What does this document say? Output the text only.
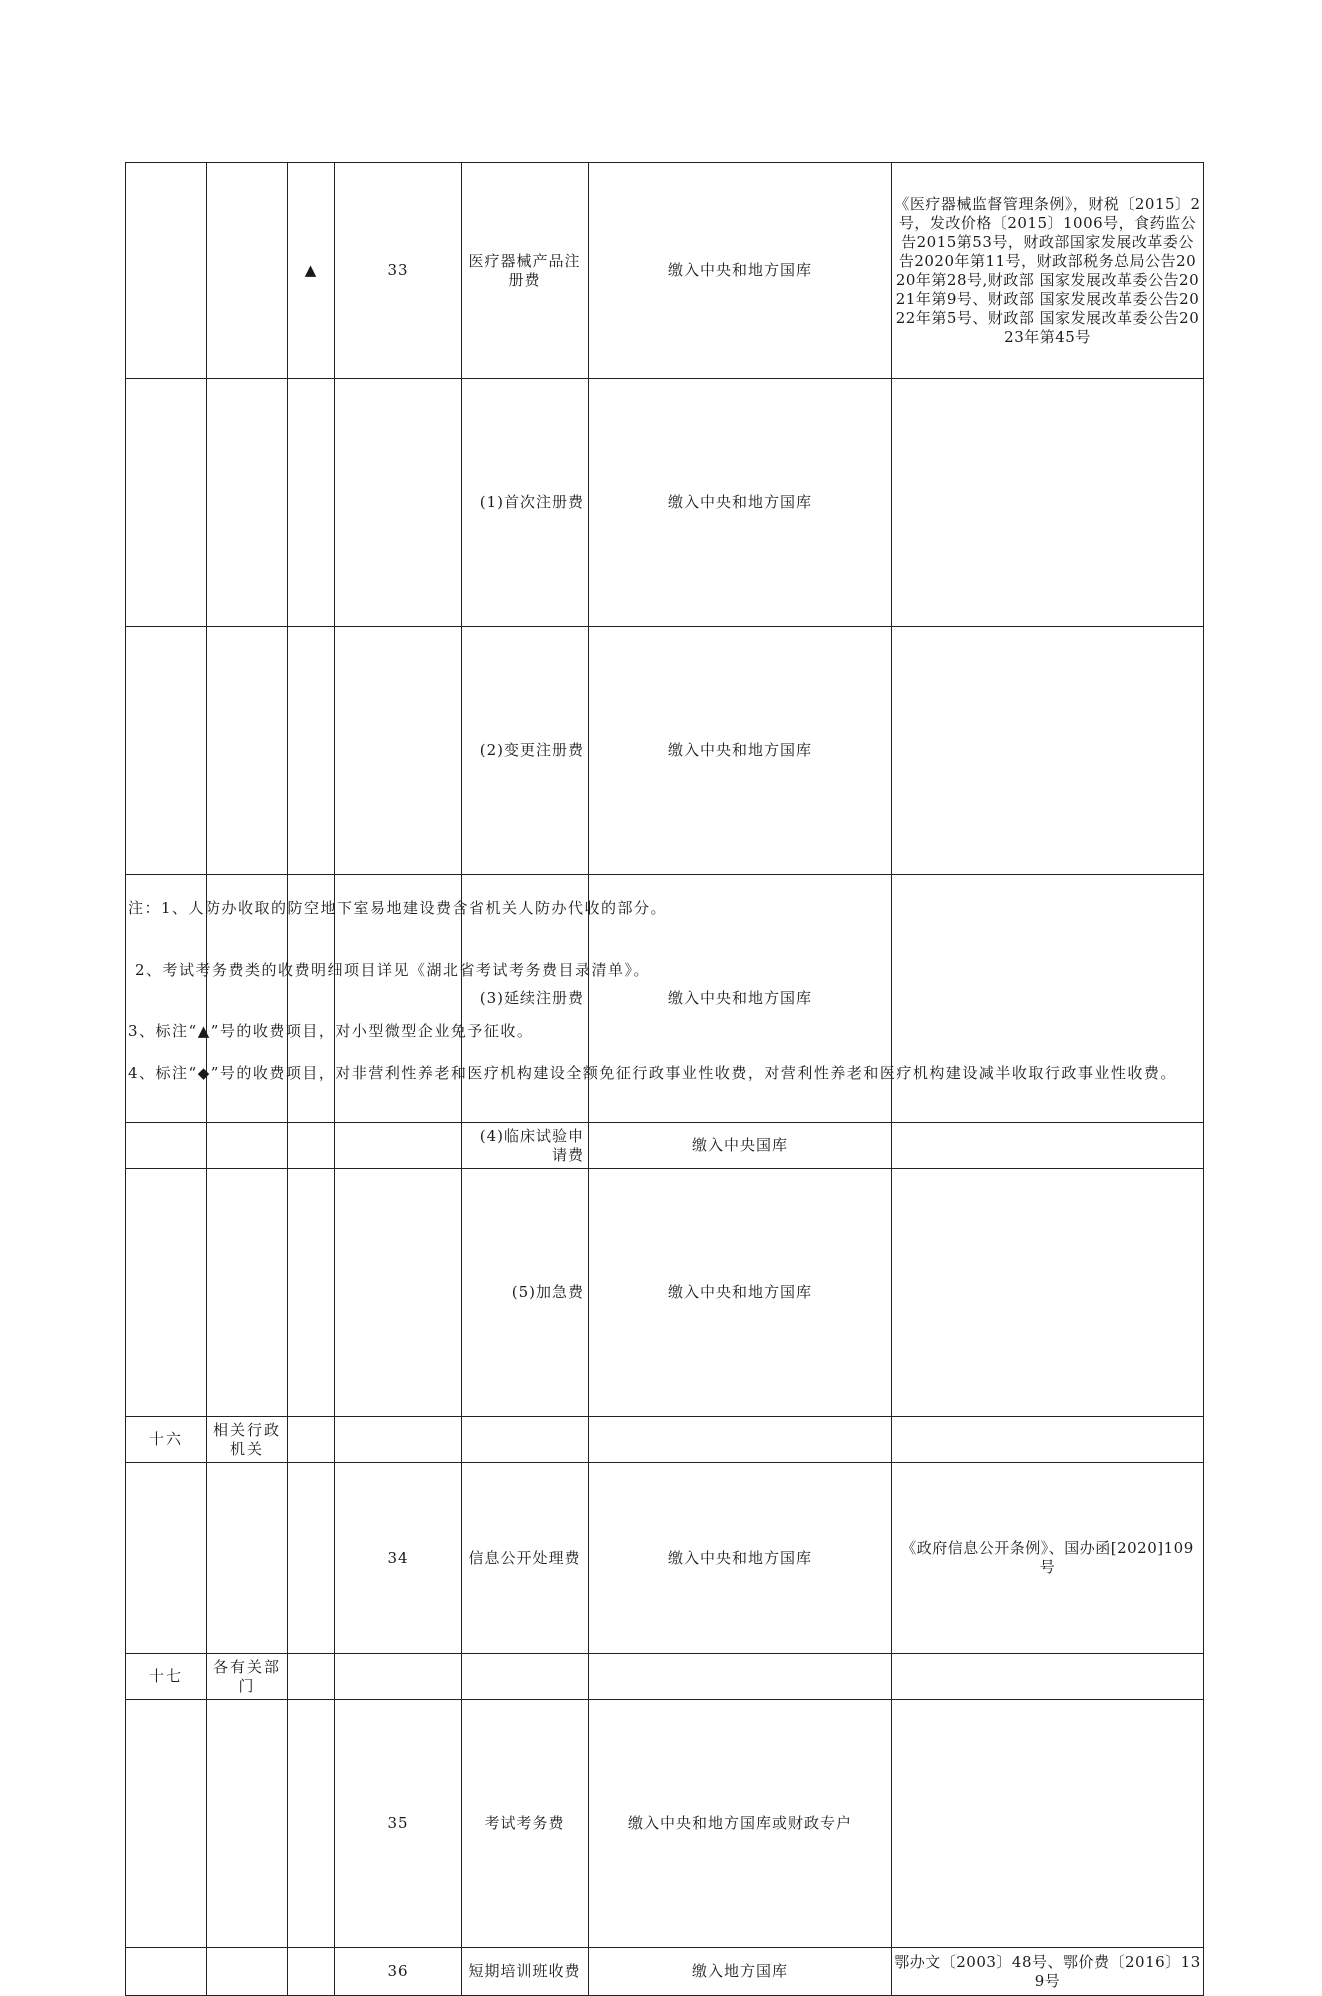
		▲	33	医疗器械产品注册费	缴入中央和地方国库	《医疗器械监督管理条例》，财税〔2015〕2号，发改价格〔2015〕1006号，食药监公告2015第53号，财政部国家发展改革委公告2020年第11号，财政部税务总局公告2020年第28号,财政部 国家发展改革委公告2021年第9号、财政部 国家发展改革委公告2022年第5号、财政部 国家发展改革委公告2023年第45号	
				(1)首次注册费	缴入中央和地方国库		
				(2)变更注册费	缴入中央和地方国库		
				(3)延续注册费	缴入中央和地方国库		
				(4)临床试验申请费	缴入中央国库		
				(5)加急费	缴入中央和地方国库		
十六	相关行政机关						
			34	信息公开处理费	缴入中央和地方国库	《政府信息公开条例》、国办函[2020]109号	
十七	各有关部门						
			35	考试考务费	缴入中央和地方国库或财政专户		
			36	短期培训班收费	缴入地方国库	鄂办文〔2003〕48号、鄂价费〔2016〕139号	
注：1、人防办收取的防空地下室易地建设费含省机关人防办代收的部分。
2、考试考务费类的收费明细项目详见《湖北省考试考务费目录清单》。
3、标注“▲”号的收费项目，对小型微型企业免予征收。
4、标注“◆”号的收费项目，对非营利性养老和医疗机构建设全额免征行政事业性收费，对营利性养老和医疗机构建设减半收取行政事业性收费。
